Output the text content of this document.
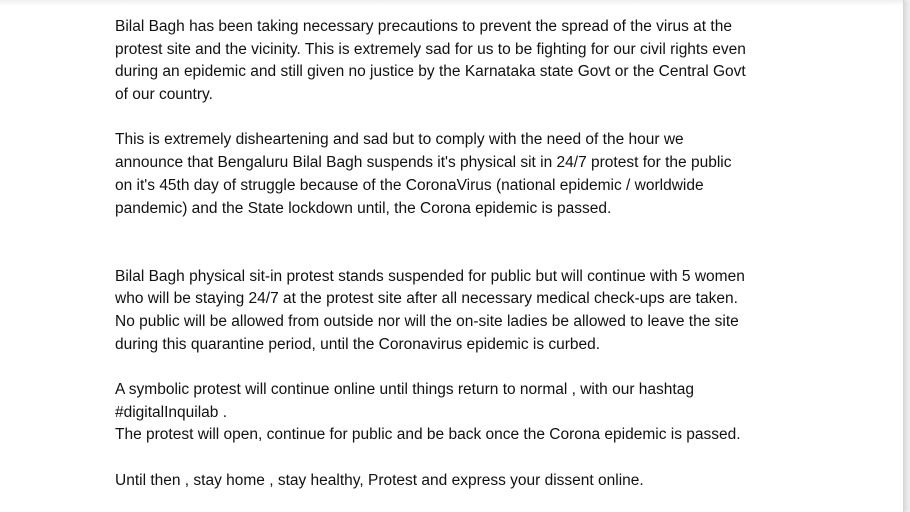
Bilal Bagh has been taking necessary precautions to prevent the spread of the virus at the
protest site and the vicinity. This is extremely sad for us to be fighting for our civil rights even
during an epidemic and still given no justice by the Karnataka state Govt or the Central Govt
of our country.

This is extremely disheartening and sad but to comply with the need of the hour we
announce that Bengaluru Bilal Bagh suspends it's physical sit in 24/7 protest for the public
on it's 45th day of struggle because of the CoronaVirus (national epidemic / worldwide
pandemic) and the State lockdown until, the Corona epidemic is passed.

Bilal Bagh physical sit-in protest stands suspended for public but will continue with 5 women
who will be staying 24/7 at the protest site after all necessary medical check-ups are taken.
No public will be allowed from outside nor will the on-site ladies be allowed to leave the site
during this quarantine period, until the Coronavirus epidemic is curbed.

A symbolic protest will continue online until things return to normal , with our hashtag
#digitalInquilab .
The protest will open, continue for public and be back once the Corona epidemic is passed.

Until then , stay home , stay healthy, Protest and express your dissent online.
